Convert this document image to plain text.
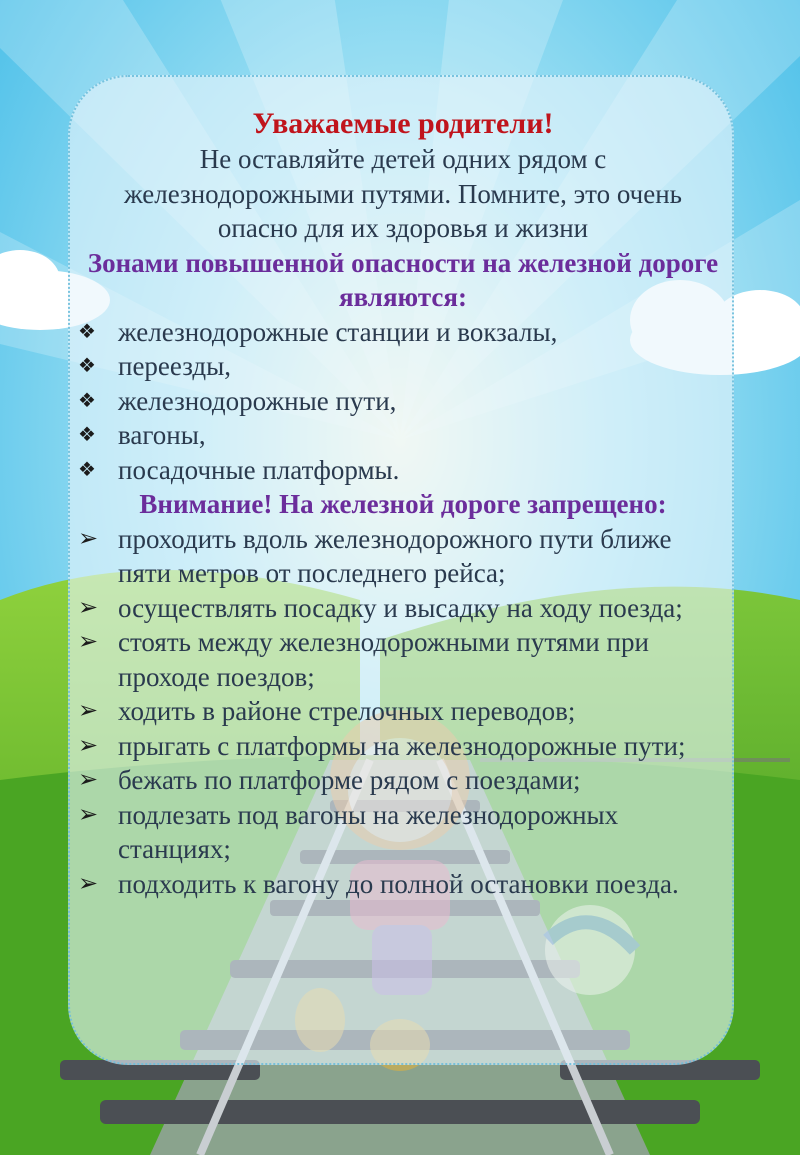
Уважаемые родители!

Не оставляйте детей одних рядом с железнодорожными путями. Помните, это очень опасно для их здоровья и жизни

Зонами повышенной опасности на железной дороге являются:

❖ железнодорожные станции и вокзалы,
❖ переезды,
❖ железнодорожные пути,
❖ вагоны,
❖ посадочные платформы.

Внимание! На железной дороге запрещено:

➢ проходить вдоль железнодорожного пути ближе пяти метров от последнего рейса;
➢ осуществлять посадку и высадку на ходу поезда;
➢ стоять между железнодорожными путями при проходе поездов;
➢ ходить в районе стрелочных переводов;
➢ прыгать с платформы на железнодорожные пути;
➢ бежать по платформе рядом с поездами;
➢ подлезать под вагоны на железнодорожных станциях;
➢ подходить к вагону до полной остановки поезда.
